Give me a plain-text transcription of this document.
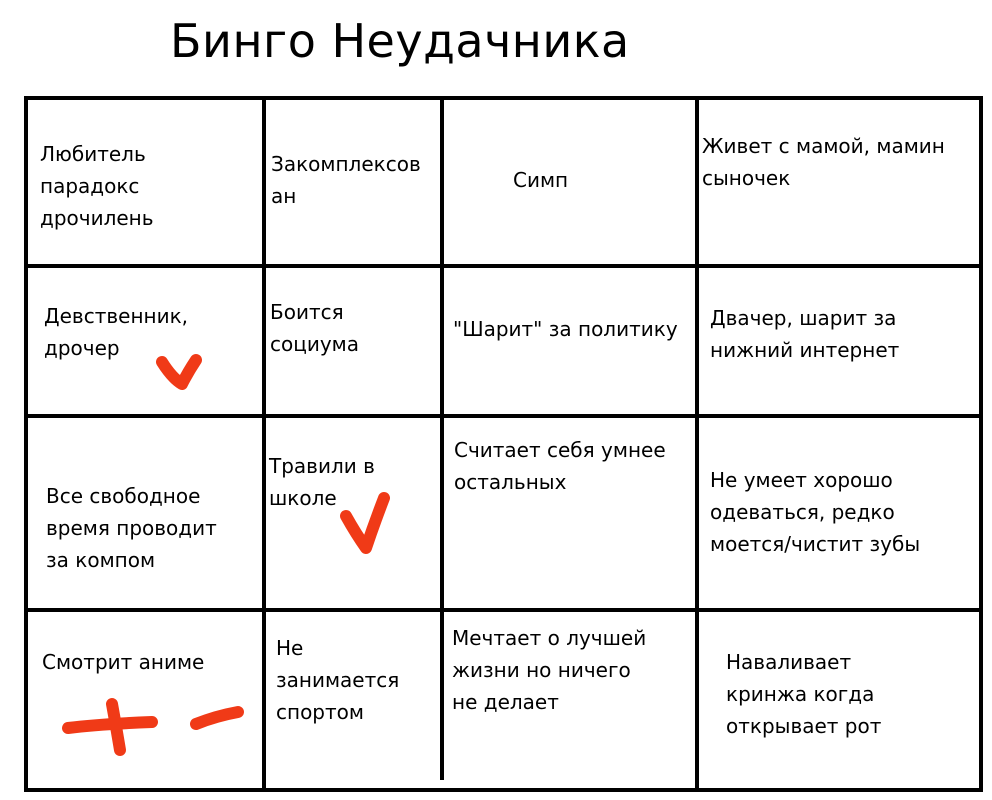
Бинго Неудачника
Любитель
парадокс
дрочилень
Закомплексов
ан
Симп
Живет с мамой, мамин
сыночек
Девственник,
дрочер
Боится
социума
"Шарит" за политику Двачер, шарит за
нижний интернет
Все свободное
время проводит
за компом
Травили в
школе
Считает себя умнее
остальных	Не умеет хорошо
одеваться, редко
моется/чистит зубы
Смотрит аниме
Не
занимается
спортом
Мечтает о лучшей
жизни но ничего
не делает
Наваливает
кринжа когда
открывает рот
